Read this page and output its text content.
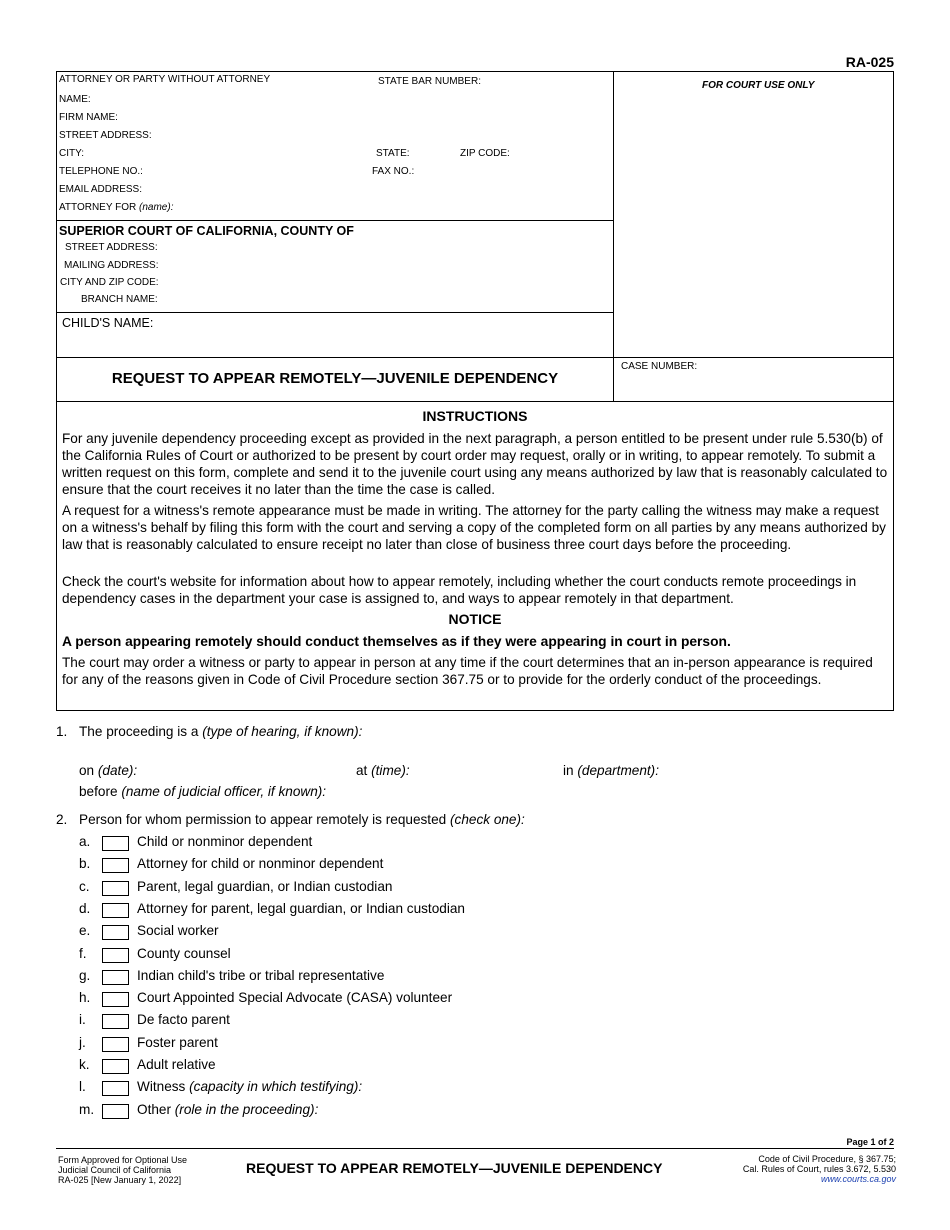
RA-025
ATTORNEY OR PARTY WITHOUT ATTORNEY	STATE BAR NUMBER:	FOR COURT USE ONLY
NAME:
FIRM NAME:
STREET ADDRESS:
CITY:	STATE:	ZIP CODE:
TELEPHONE NO.:	FAX NO.:
EMAIL ADDRESS:
ATTORNEY FOR (name):
SUPERIOR COURT OF CALIFORNIA, COUNTY OF
STREET ADDRESS:
MAILING ADDRESS:
CITY AND ZIP CODE:
BRANCH NAME:
CHILD'S NAME:
REQUEST TO APPEAR REMOTELY—JUVENILE DEPENDENCY
CASE NUMBER:
INSTRUCTIONS
For any juvenile dependency proceeding except as provided in the next paragraph, a person entitled to be present under rule 5.530(b) of the California Rules of Court or authorized to be present by court order may request, orally or in writing, to appear remotely. To submit a written request on this form, complete and send it to the juvenile court using any means authorized by law that is reasonably calculated to ensure that the court receives it no later than the time the case is called.
A request for a witness's remote appearance must be made in writing. The attorney for the party calling the witness may make a request on a witness's behalf by filing this form with the court and serving a copy of the completed form on all parties by any means authorized by law that is reasonably calculated to ensure receipt no later than close of business three court days before the proceeding.
Check the court's website for information about how to appear remotely, including whether the court conducts remote proceedings in dependency cases in the department your case is assigned to, and ways to appear remotely in that department.
NOTICE
A person appearing remotely should conduct themselves as if they were appearing in court in person.
The court may order a witness or party to appear in person at any time if the court determines that an in-person appearance is required for any of the reasons given in Code of Civil Procedure section 367.75 or to provide for the orderly conduct of the proceedings.
1. The proceeding is a (type of hearing, if known):
on (date):	at (time):	in (department):
before (name of judicial officer, if known):
2. Person for whom permission to appear remotely is requested (check one):
a.	Child or nonminor dependent
b.	Attorney for child or nonminor dependent
c.	Parent, legal guardian, or Indian custodian
d.	Attorney for parent, legal guardian, or Indian custodian
e.	Social worker
f.	County counsel
g.	Indian child's tribe or tribal representative
h.	Court Appointed Special Advocate (CASA) volunteer
i.	De facto parent
j.	Foster parent
k.	Adult relative
l.	Witness (capacity in which testifying):
m.	Other (role in the proceeding):
Page 1 of 2
Form Approved for Optional Use
Judicial Council of California
RA-025 [New January 1, 2022]
REQUEST TO APPEAR REMOTELY—JUVENILE DEPENDENCY
Code of Civil Procedure, § 367.75;
Cal. Rules of Court, rules 3.672, 5.530
www.courts.ca.gov
